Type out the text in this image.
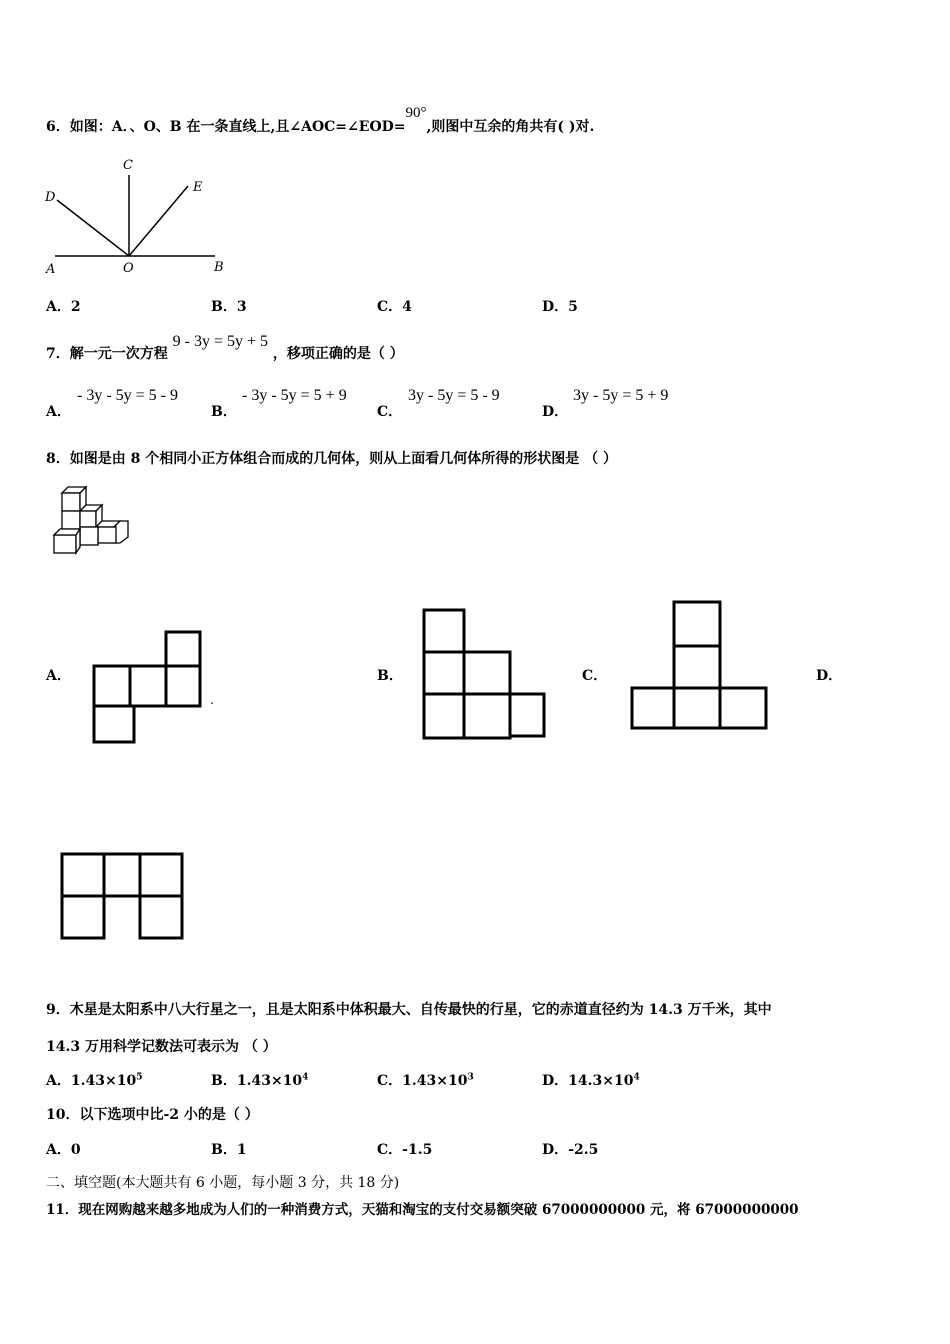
6．如图：A．、O、B 在一条直线上,且∠AOC=∠EOD=90°,则图中互余的角共有( )对.
C
D
E
A	O	B
A．2	B．3	C．4	D．5
7．解一元一次方程 9 - 3y = 5y + 5 ，移项正确的是（ ）
A．
- 3y - 5y = 5 - 9
B．
- 3y - 5y = 5 + 9
C．
3y - 5y = 5 - 9
D．
3y - 5y = 5 + 9
8．如图是由 8 个相同小正方体组合而成的几何体，则从上面看几何体所得的形状图是 （ ）
A．
.
B．	C．	D．
9．木星是太阳系中八大行星之一，且是太阳系中体积最大、自传最快的行星，它的赤道直径约为 14.3 万千米，其中
14.3 万用科学记数法可表示为 （ ）
A．$1.43\times 10^5$	B．$1.43\times 10^4$	C．$1.43\times 10^3$	D．$14.3\times 10^4$
10．以下选项中比-2 小的是（ ）
A．0	B．1	C．-1.5	D．-2.5
二、填空题(本大题共有 6 小题，每小题 3 分，共 18 分)
11．现在网购越来越多地成为人们的一种消费方式，天猫和淘宝的支付交易额突破 67000000000 元，将 67000000000
